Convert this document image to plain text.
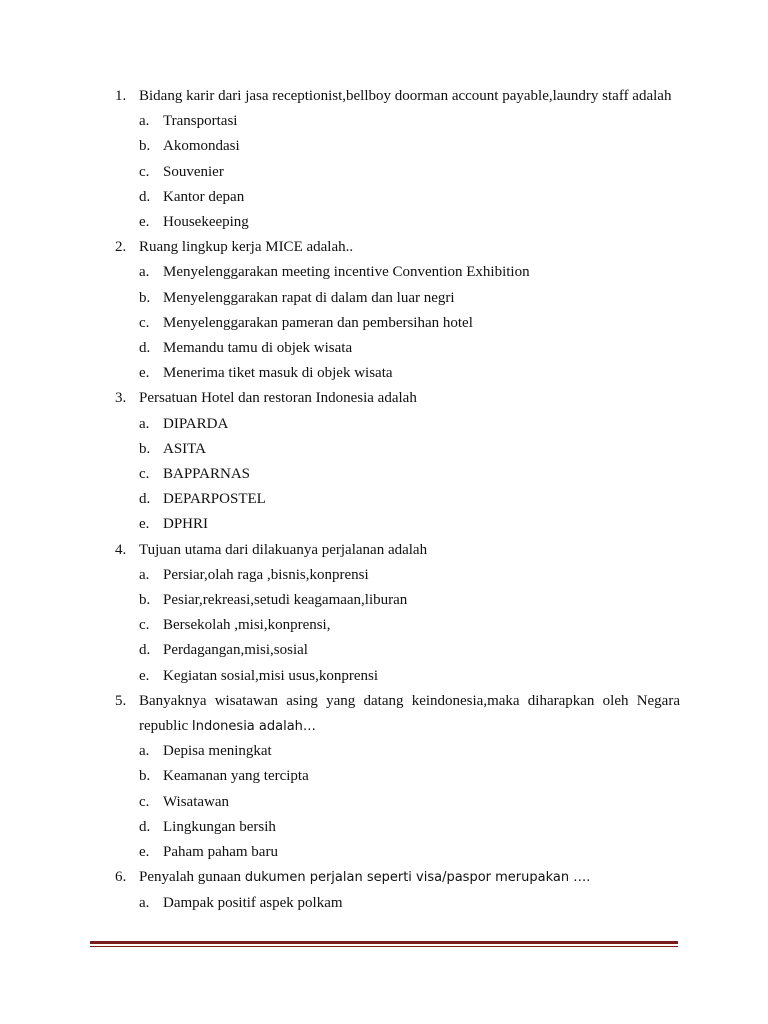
1. Bidang karir dari jasa receptionist,bellboy doorman account payable,laundry staff adalah
a. Transportasi
b. Akomondasi
c. Souvenier
d. Kantor depan
e. Housekeeping
2. Ruang lingkup kerja MICE adalah..
a. Menyelenggarakan meeting incentive Convention Exhibition
b. Menyelenggarakan rapat di dalam dan luar negri
c. Menyelenggarakan pameran dan pembersihan hotel
d. Memandu tamu di objek wisata
e. Menerima tiket masuk di objek wisata
3. Persatuan Hotel dan restoran Indonesia adalah
a. DIPARDA
b. ASITA
c. BAPPARNAS
d. DEPARPOSTEL
e. DPHRI
4. Tujuan utama dari dilakuanya perjalanan adalah
a. Persiar,olah raga ,bisnis,konprensi
b. Pesiar,rekreasi,setudi keagamaan,liburan
c. Bersekolah ,misi,konprensi,
d. Perdagangan,misi,sosial
e. Kegiatan sosial,misi usus,konprensi
5. Banyaknya wisatawan asing yang datang keindonesia,maka diharapkan oleh Negara republic Indonesia adalah…
a. Depisa meningkat
b. Keamanan yang tercipta
c. Wisatawan
d. Lingkungan bersih
e. Paham paham baru
6. Penyalah gunaan dukumen perjalan seperti visa/paspor merupakan ….
a. Dampak positif aspek polkam
